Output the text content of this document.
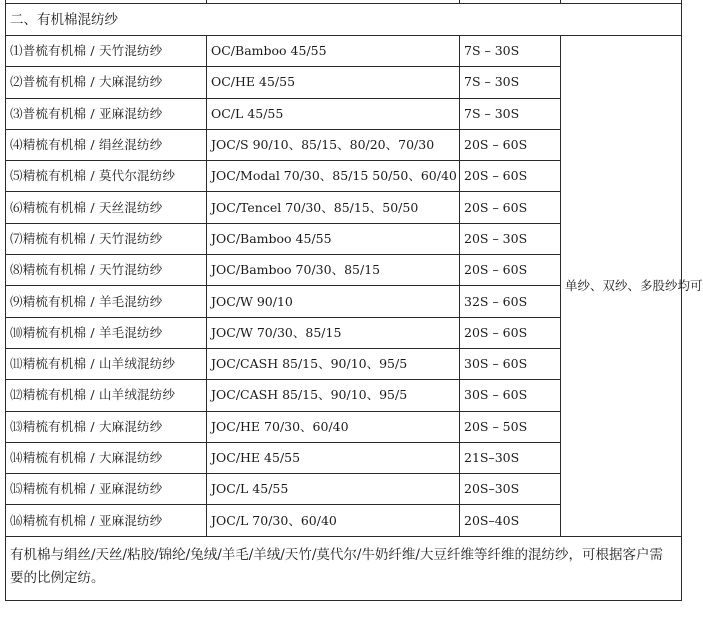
二、有机棉混纺纱			
⑴普梳有机棉 / 天竹混纺纱	OC/Bamboo 45/55	7S – 30S	单纱、双纱、多股纱均可
⑵普梳有机棉 / 大麻混纺纱	OC/HE 45/55	7S – 30S	
⑶普梳有机棉 / 亚麻混纺纱	OC/L 45/55	7S – 30S	
⑷精梳有机棉 / 绢丝混纺纱	JOC/S 90/10、85/15、80/20、70/30	20S – 60S	
⑸精梳有机棉 / 莫代尔混纺纱	JOC/Modal 70/30、85/15 50/50、60/40	20S – 60S	
⑹精梳有机棉 / 天丝混纺纱	JOC/Tencel 70/30、85/15、50/50	20S – 60S	
⑺精梳有机棉 / 天竹混纺纱	JOC/Bamboo 45/55	20S – 30S	
⑻精梳有机棉 / 天竹混纺纱	JOC/Bamboo 70/30、85/15	20S – 60S	
⑼精梳有机棉 / 羊毛混纺纱	JOC/W 90/10	32S – 60S	
⑽精梳有机棉 / 羊毛混纺纱	JOC/W 70/30、85/15	20S – 60S	
⑾精梳有机棉 / 山羊绒混纺纱	JOC/CASH 85/15、90/10、95/5	30S – 60S	
⑿精梳有机棉 / 山羊绒混纺纱	JOC/CASH 85/15、90/10、95/5	30S – 60S	
⒀精梳有机棉 / 大麻混纺纱	JOC/HE 70/30、60/40	20S – 50S	
⒁精梳有机棉 / 大麻混纺纱	JOC/HE 45/55	21S–30S	
⒂精梳有机棉 / 亚麻混纺纱	JOC/L 45/55	20S–30S	
⒃精梳有机棉 / 亚麻混纺纱	JOC/L 70/30、60/40	20S–40S	
有机棉与绢丝/天丝/粘胶/锦纶/兔绒/羊毛/羊绒/天竹/莫代尔/牛奶纤维/大豆纤维等纤维的混纺纱，可根据客户需要的比例定纺。			
